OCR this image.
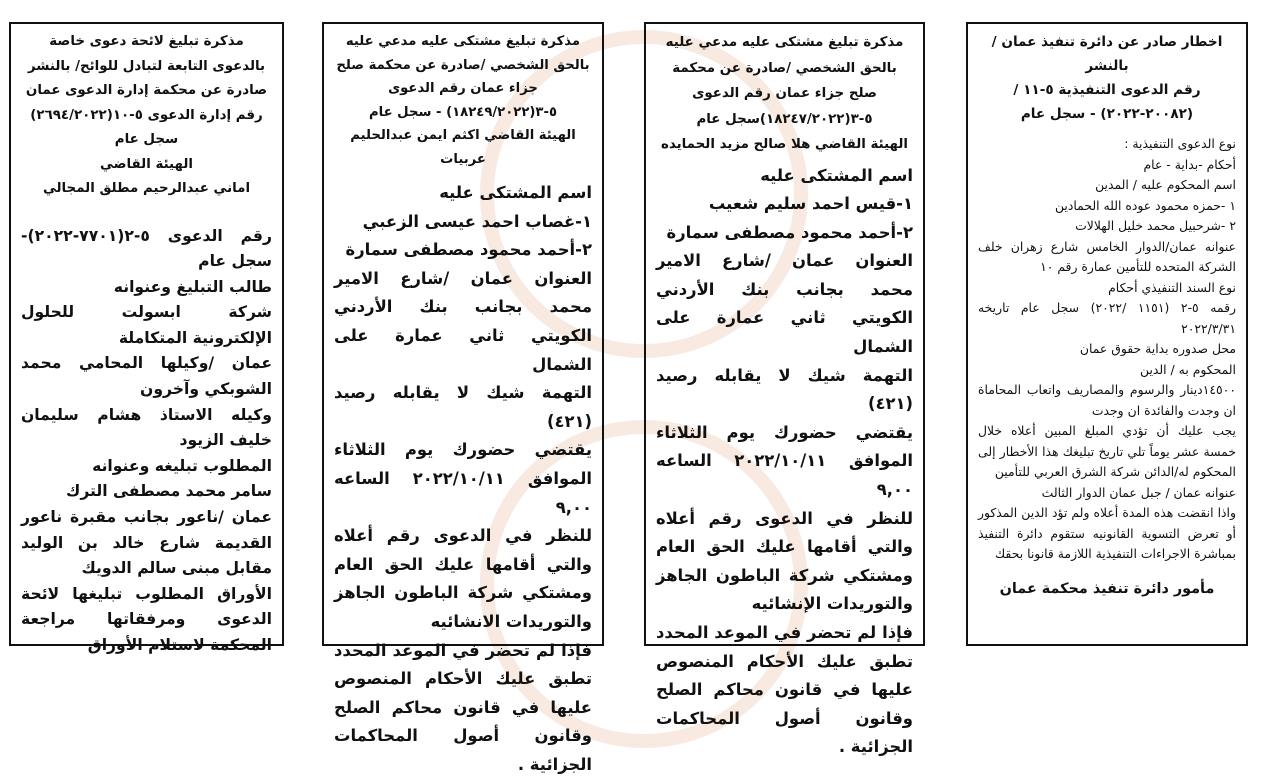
اخطار صادر عن دائرة تنفيذ عمان /بالنشر
رقم الدعوى التنفيذية ٥-١١ /
(٢٠٠٨٢-٢٠٢٢) - سجل عام

نوع الدعوى التنفيذية :
أحكام -بداية - عام
اسم المحكوم عليه / المدين
١ -حمزه محمود عوده الله الحمادين
٢ -شرحبيل محمد خليل الهلالات
عنوانه عمان/الدوار الخامس شارع زهران خلف الشركة المتحده للتأمين عمارة رقم ١٠
نوع السند التنفيذي أحكام
رقمه ٥-٢ (١١٥١ /٢٠٢٢) سجل عام تاريخه ٢٠٢٢/٣/٣١
محل صدوره بداية حقوق عمان
المحكوم به / الدين
١٤٥٠٠دينار والرسوم والمصاريف واتعاب المحاماة ان وجدت والفائدة ان وجدت
يجب عليك أن تؤدي المبلغ المبين أعلاه خلال خمسة عشر يوماً تلي تاريخ تبليغك هذا الأخطار إلى المحكوم له/الدائن شركة الشرق العربي للتأمين
عنوانه عمان / جبل عمان الدوار الثالث
واذا انقضت هذه المدة أعلاه ولم تؤد الدين المذكور أو تعرض التسوية القانونيه ستقوم دائرة التنفيذ بمباشرة الاجراءات التنفيذية اللازمة قانونا بحقك

مأمور دائرة تنفيذ محكمة عمان

مذكرة تبليغ مشتكى عليه مدعي عليه بالحق الشخصي /صادرة عن محكمة صلح جزاء عمان رقم الدعوى ٥-٣(١٨٢٤٧/٢٠٢٢)سجل عام
الهيئة القاضي هلا صالح مزيد الحمايده

اسم المشتكى عليه
١-قيس احمد سليم شعيب
٢-أحمد محمود مصطفى سمارة
العنوان عمان /شارع الامير محمد بجانب بنك الأردني الكويتي ثاني عمارة على الشمال
التهمة شيك لا يقابله رصيد (٤٢١)
يقتضي حضورك يوم الثلاثاء الموافق ٢٠٢٢/١٠/١١ الساعه ٩,٠٠
للنظر في الدعوى رقم أعلاه والتي أقامها عليك الحق العام ومشتكي شركة الباطون الجاهز والتوريدات الإنشائيه
فإذا لم تحضر في الموعد المحدد تطبق عليك الأحكام المنصوص عليها في قانون محاكم الصلح وقانون أصول المحاكمات الجزائية .

مذكرة تبليغ مشتكى عليه مدعي عليه بالحق الشخصي /صادرة عن محكمة صلح جزاء عمان رقم الدعوى ٥-٣(١٨٢٤٩/٢٠٢٢) - سجل عام
الهيئة القاضي اكثم ايمن عبدالحليم عربيات

اسم المشتكى عليه
١-غصاب احمد عيسى الزعبي
٢-أحمد محمود مصطفى سمارة
العنوان عمان /شارع الامير محمد بجانب بنك الأردني الكويتي ثاني عمارة على الشمال
التهمة شيك لا يقابله رصيد (٤٢١)
يقتضي حضورك يوم الثلاثاء الموافق ٢٠٢٢/١٠/١١ الساعه ٩,٠٠
للنظر في الدعوى رقم أعلاه والتي أقامها عليك الحق العام ومشتكي شركة الباطون الجاهز والتوريدات الانشائيه
فإذا لم تحضر في الموعد المحدد تطبق عليك الأحكام المنصوص عليها في قانون محاكم الصلح وقانون أصول المحاكمات الجزائية .

مذكرة تبليغ لائحة دعوى خاصة بالدعوى التابعة لتبادل للوائح/ بالنشر
صادرة عن محكمة إدارة الدعوى عمان
رقم إدارة الدعوى ٥-١٠(٢٦٩٤/٢٠٢٢)
سجل عام
الهيئة القاضي
اماني عبدالرحيم مطلق المجالي

رقم الدعوى ٥-٢(٧٧٠١-٢٠٢٢)-سجل عام
طالب التبليغ وعنوانه
شركة ابسولت للحلول الإلكترونية المتكاملة
عمان /وكيلها المحامي محمد الشوبكي وآخرون
وكيله الاستاذ هشام سليمان خليف الزيود
المطلوب تبليغه وعنوانه
سامر محمد مصطفى الترك
عمان /ناعور بجانب مقبرة ناعور القديمة شارع خالد بن الوليد مقابل مبنى سالم الدويك
الأوراق المطلوب تبليغها لائحة الدعوى ومرفقاتها مراجعة المحكمة لاستلام الأوراق
